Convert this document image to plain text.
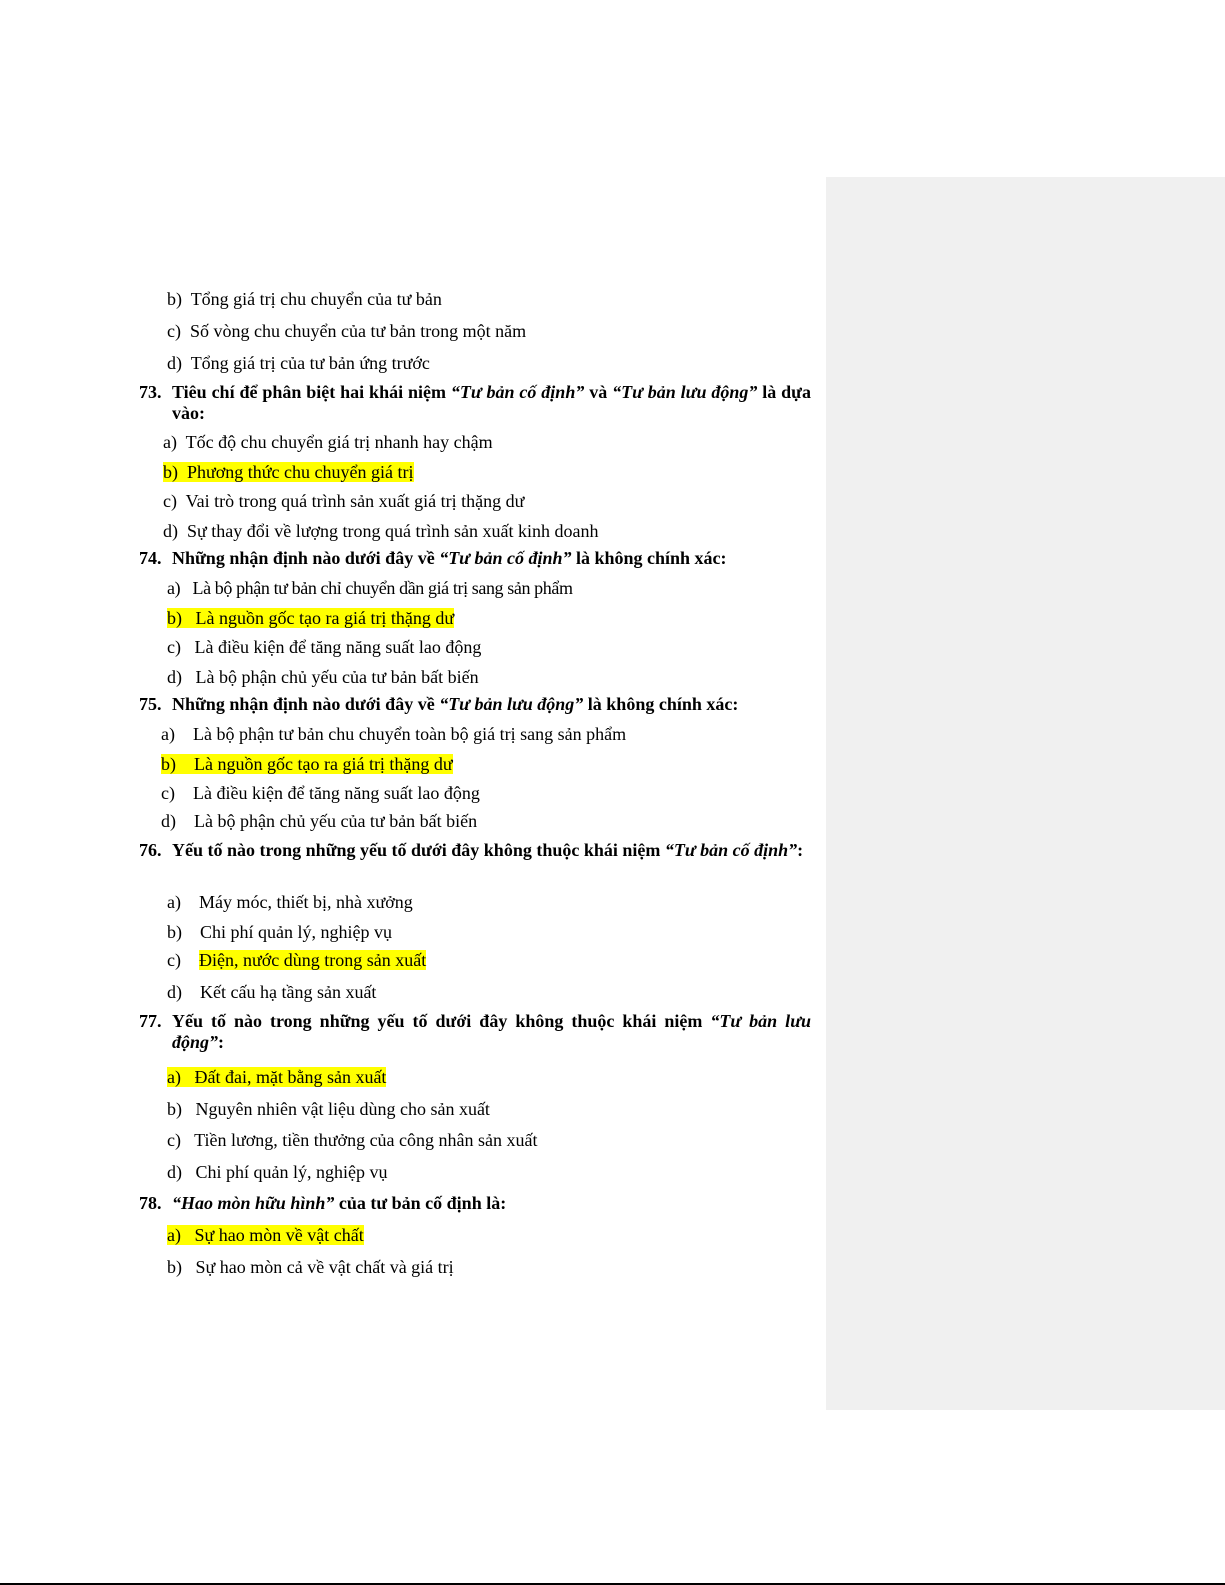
b) Tổng giá trị chu chuyển của tư bản
c) Số vòng chu chuyển của tư bản trong một năm
d) Tổng giá trị của tư bản ứng trước
73. Tiêu chí để phân biệt hai khái niệm “Tư bản cố định” và “Tư bản lưu động” là dựa vào:
a) Tốc độ chu chuyển giá trị nhanh hay chậm
b) Phương thức chu chuyển giá trị
c) Vai trò trong quá trình sản xuất giá trị thặng dư
d) Sự thay đổi về lượng trong quá trình sản xuất kinh doanh
74. Những nhận định nào dưới đây về “Tư bản cố định” là không chính xác:
a) Là bộ phận tư bản chỉ chuyển dần giá trị sang sản phẩm
b) Là nguồn gốc tạo ra giá trị thặng dư
c) Là điều kiện để tăng năng suất lao động
d) Là bộ phận chủ yếu của tư bản bất biến
75. Những nhận định nào dưới đây về “Tư bản lưu động” là không chính xác:
a) Là bộ phận tư bản chu chuyển toàn bộ giá trị sang sản phẩm
b) Là nguồn gốc tạo ra giá trị thặng dư
c) Là điều kiện để tăng năng suất lao động
d) Là bộ phận chủ yếu của tư bản bất biến
76. Yếu tố nào trong những yếu tố dưới đây không thuộc khái niệm “Tư bản cố định”:
a) Máy móc, thiết bị, nhà xưởng
b) Chi phí quản lý, nghiệp vụ
c) Điện, nước dùng trong sản xuất
d) Kết cấu hạ tầng sản xuất
77. Yếu tố nào trong những yếu tố dưới đây không thuộc khái niệm “Tư bản lưu động”:
a) Đất đai, mặt bằng sản xuất
b) Nguyên nhiên vật liệu dùng cho sản xuất
c) Tiền lương, tiền thưởng của công nhân sản xuất
d) Chi phí quản lý, nghiệp vụ
78. “Hao mòn hữu hình” của tư bản cố định là:
a) Sự hao mòn về vật chất
b) Sự hao mòn cả về vật chất và giá trị
